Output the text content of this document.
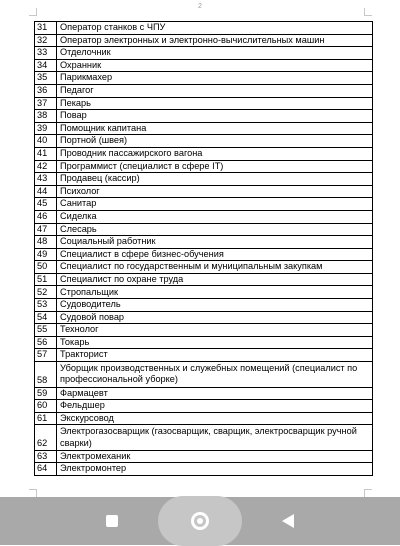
2
31	Оператор станков с ЧПУ
32	Оператор электронных и электронно-вычислительных машин
33	Отделочник
34	Охранник
35	Парикмахер
36	Педагог
37	Пекарь
38	Повар
39	Помощник капитана
40	Портной (швея)
41	Проводник пассажирского вагона
42	Программист (специалист в сфере IT)
43	Продавец (кассир)
44	Психолог
45	Санитар
46	Сиделка
47	Слесарь
48	Социальный работник
49	Специалист в сфере бизнес-обучения
50	Специалист по государственным и муниципальным закупкам
51	Специалист по охране труда
52	Стропальщик
53	Судоводитель
54	Судовой повар
55	Технолог
56	Токарь
57	Тракторист
58	Уборщик производственных и служебных помещений (специалист по профессиональной уборке)
59	Фармацевт
60	Фельдшер
61	Экскурсовод
62	Электрогазосварщик (газосварщик, сварщик, электросварщик ручной сварки)
63	Электромеханик
64	Электромонтер
